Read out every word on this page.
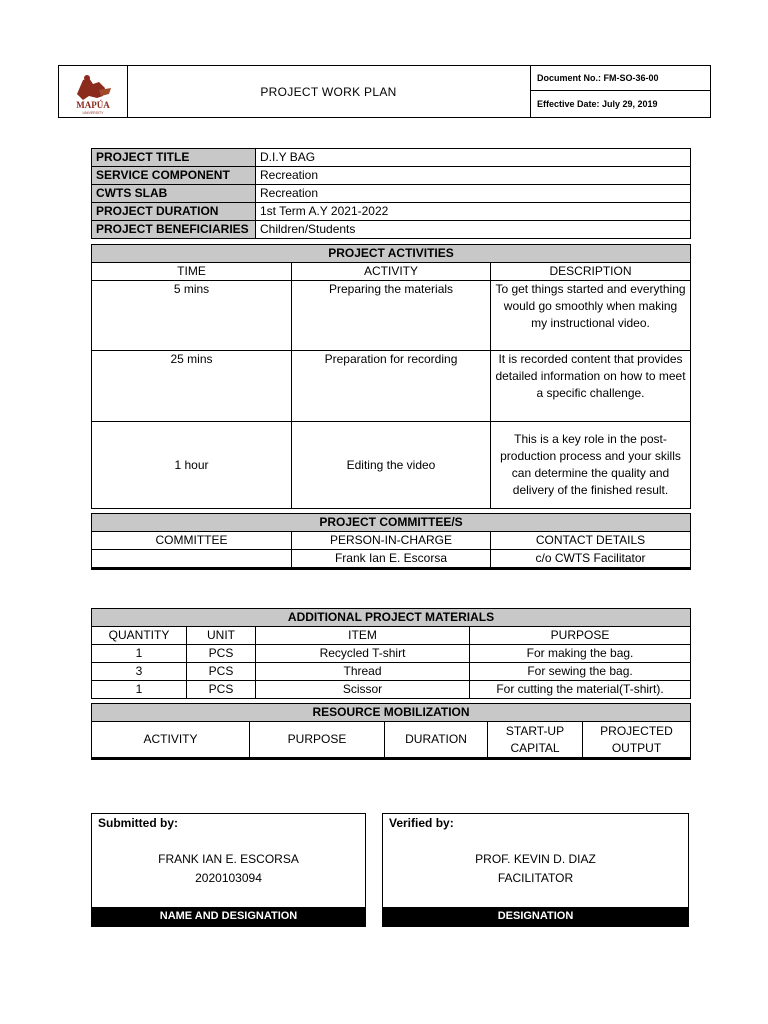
MAPÚA
UNIVERSITY
PROJECT WORK PLAN
Document No.: FM-SO-36-00
Effective Date: July 29, 2019
PROJECT TITLE	D.I.Y BAG
SERVICE COMPONENT	Recreation
CWTS SLAB	Recreation
PROJECT DURATION	1st Term A.Y 2021-2022
PROJECT BENEFICIARIES	Children/Students
PROJECT ACTIVITIES		
TIME	ACTIVITY	DESCRIPTION
5 mins	Preparing the materials	To get things started and everything would go smoothly when making my instructional video.
25 mins	Preparation for recording	It is recorded content that provides detailed information on how to meet a specific challenge.
1 hour	Editing the video	This is a key role in the post-production process and your skills can determine the quality and delivery of the finished result.
PROJECT COMMITTEE/S		
COMMITTEE	PERSON-IN-CHARGE	CONTACT DETAILS
	Frank Ian E. Escorsa	c/o CWTS Facilitator

ADDITIONAL PROJECT MATERIALS			
QUANTITY	UNIT	ITEM	PURPOSE
1	PCS	Recycled T-shirt	For making the bag.
3	PCS	Thread	For sewing the bag.
1	PCS	Scissor	For cutting the material(T-shirt).
RESOURCE MOBILIZATION				
ACTIVITY	PURPOSE	DURATION	START-UP CAPITAL	PROJECTED OUTPUT

Submitted by:
FRANK IAN E. ESCORSA
2020103094
NAME AND DESIGNATION
Verified by:
PROF. KEVIN D. DIAZ
FACILITATOR
DESIGNATION
